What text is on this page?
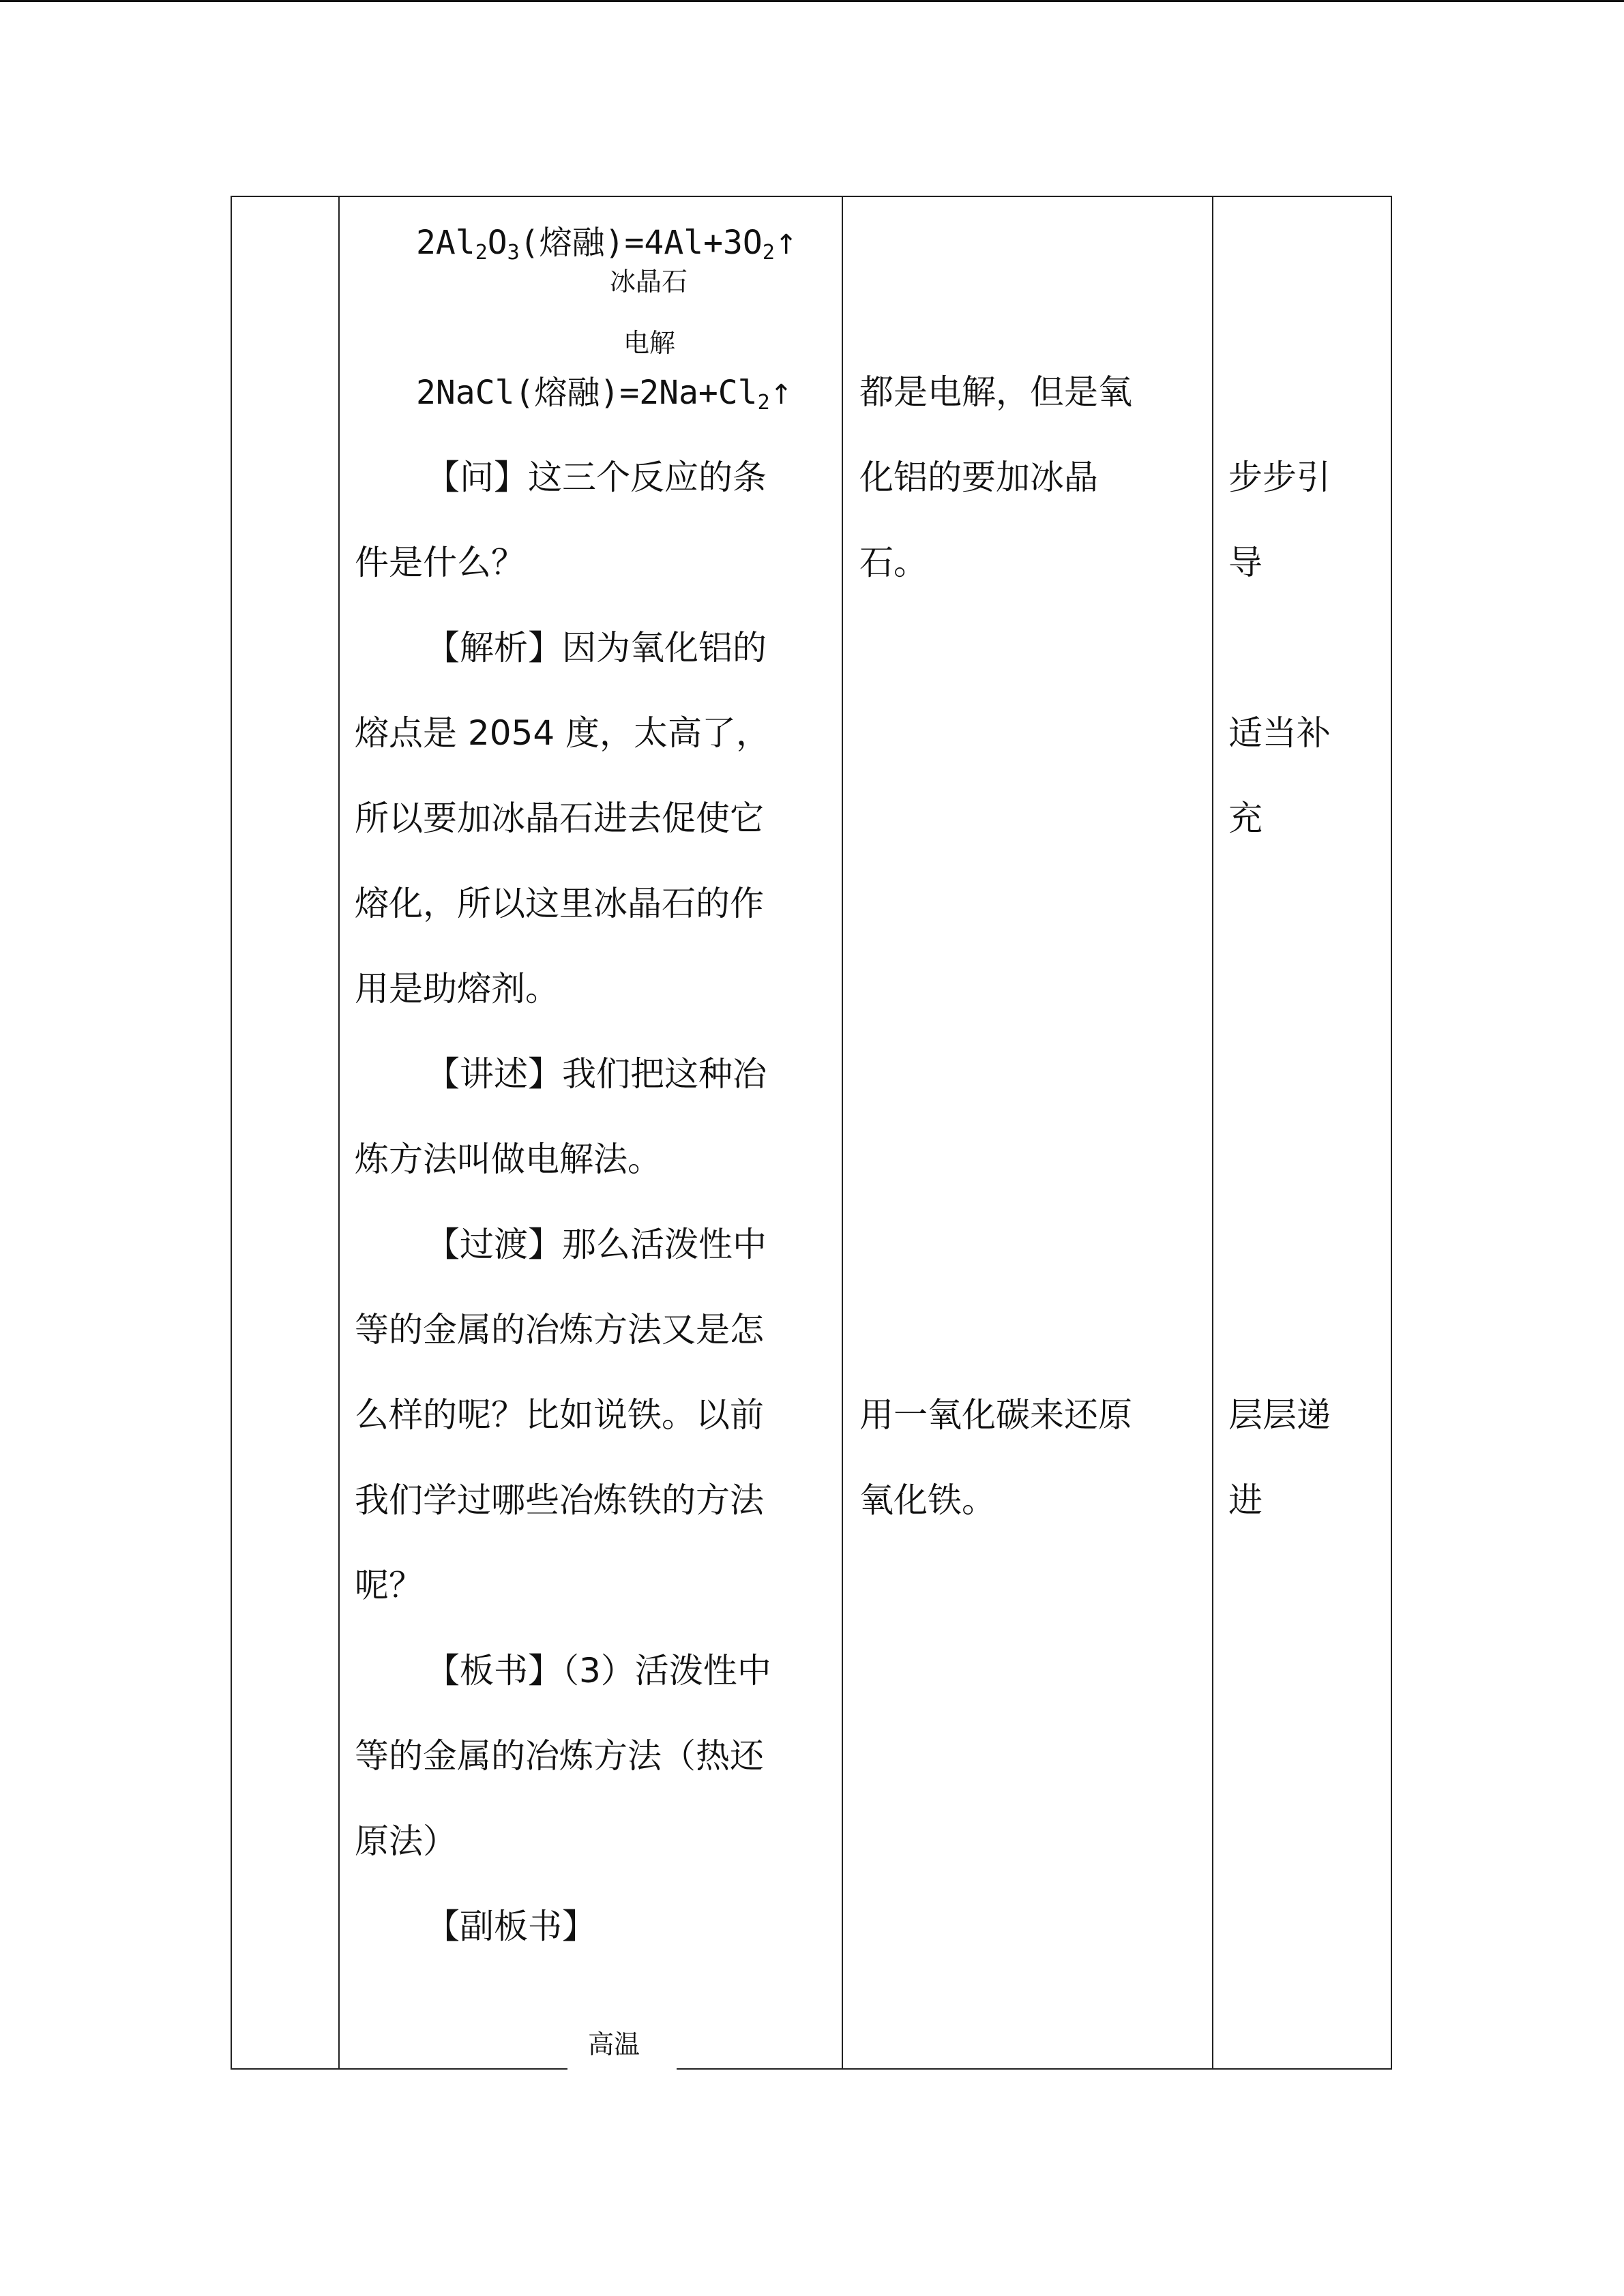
$2Al_2O_3$(熔融)$=4Al+3O_2↑$
冰晶石
电解
2NaCl(熔融)$=2Na+Cl_2↑$
【问】这三个反应的条
件是什么？
【解析】因为氧化铝的
熔点是 2054 度，太高了，
所以要加冰晶石进去促使它
熔化，所以这里冰晶石的作
用是助熔剂。
【讲述】我们把这种冶
炼方法叫做电解法。
【过渡】那么活泼性中
等的金属的冶炼方法又是怎
么样的呢？比如说铁。以前
我们学过哪些冶炼铁的方法
呢？
【板书】（3）活泼性中
等的金属的冶炼方法（热还
原法）
【副板书】
都是电解，但是氧
化铝的要加冰晶
石。
用一氧化碳来还原
氧化铁。
步步引
导
适当补
充
层层递
进
高温
